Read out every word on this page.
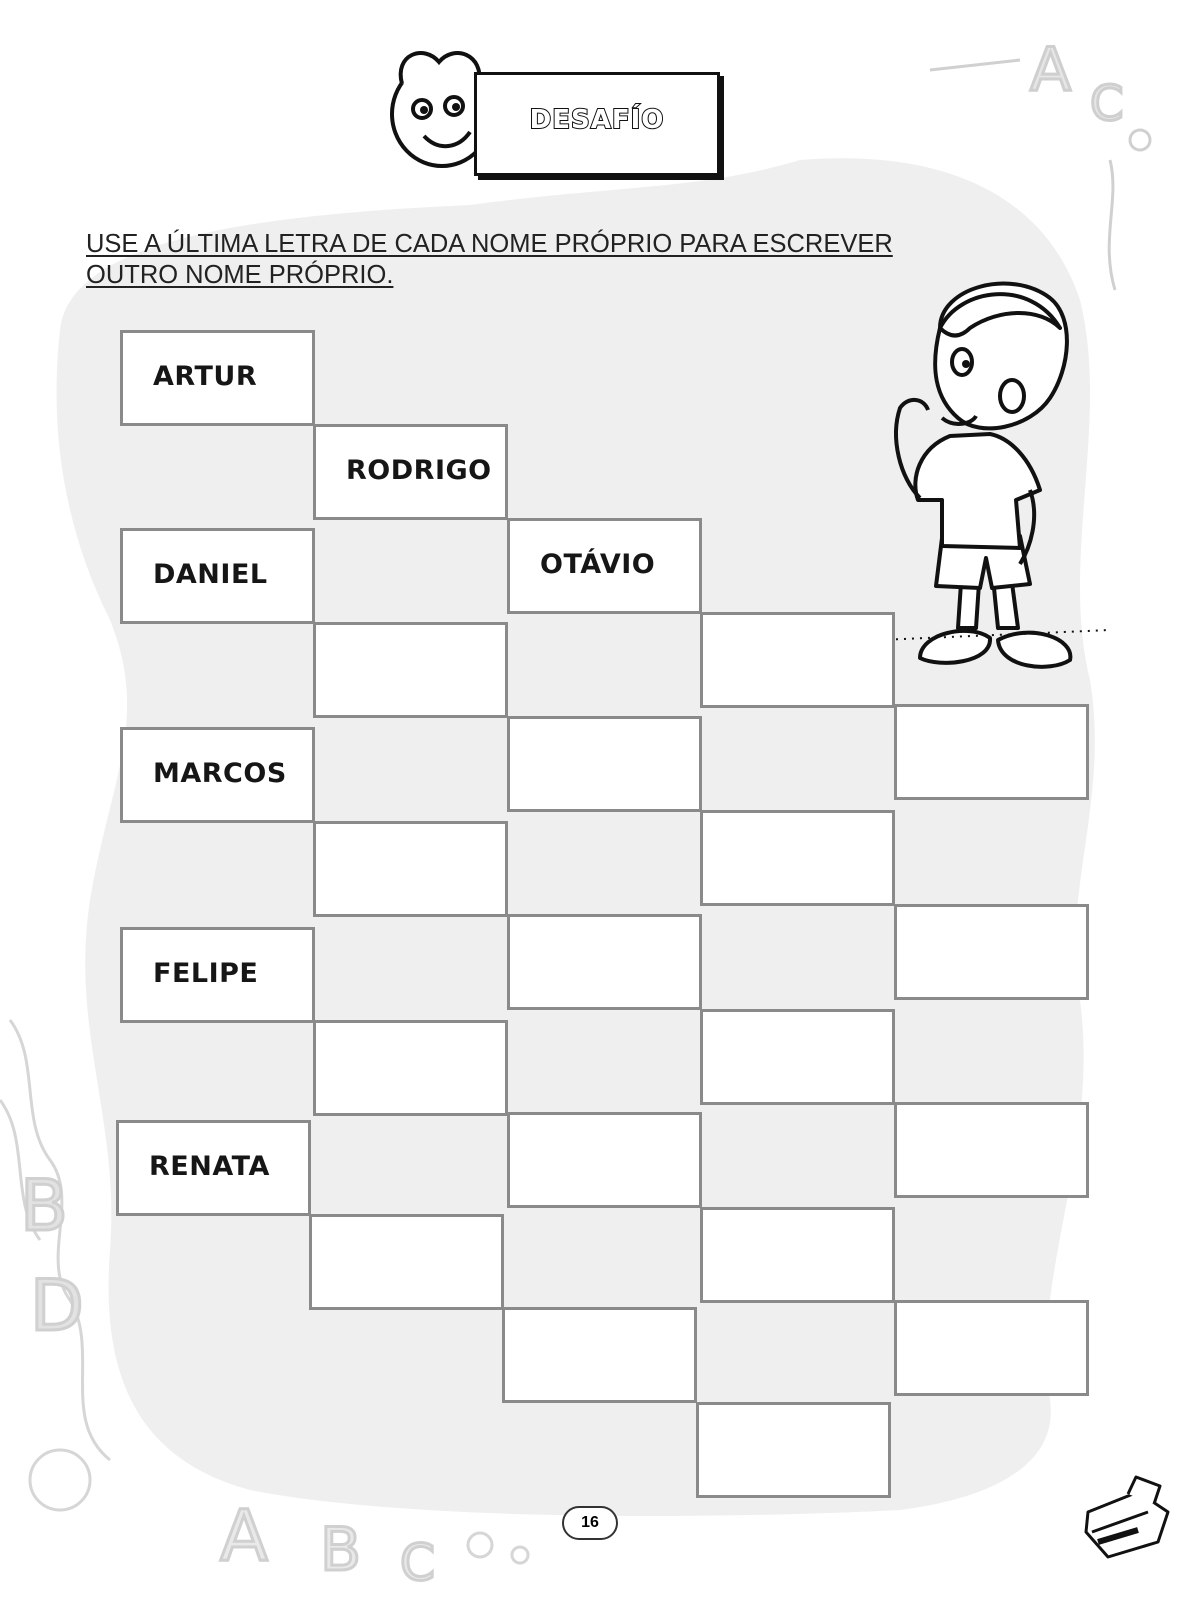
B
D
A B C
A C
DESAFÍO
USE A ÚLTIMA LETRA DE CADA NOME PRÓPRIO PARA ESCREVER
OUTRO NOME PRÓPRIO.
ARTUR
RODRIGO
DANIEL	OTÁVIO
MARCOS
FELIPE
RENATA
16
